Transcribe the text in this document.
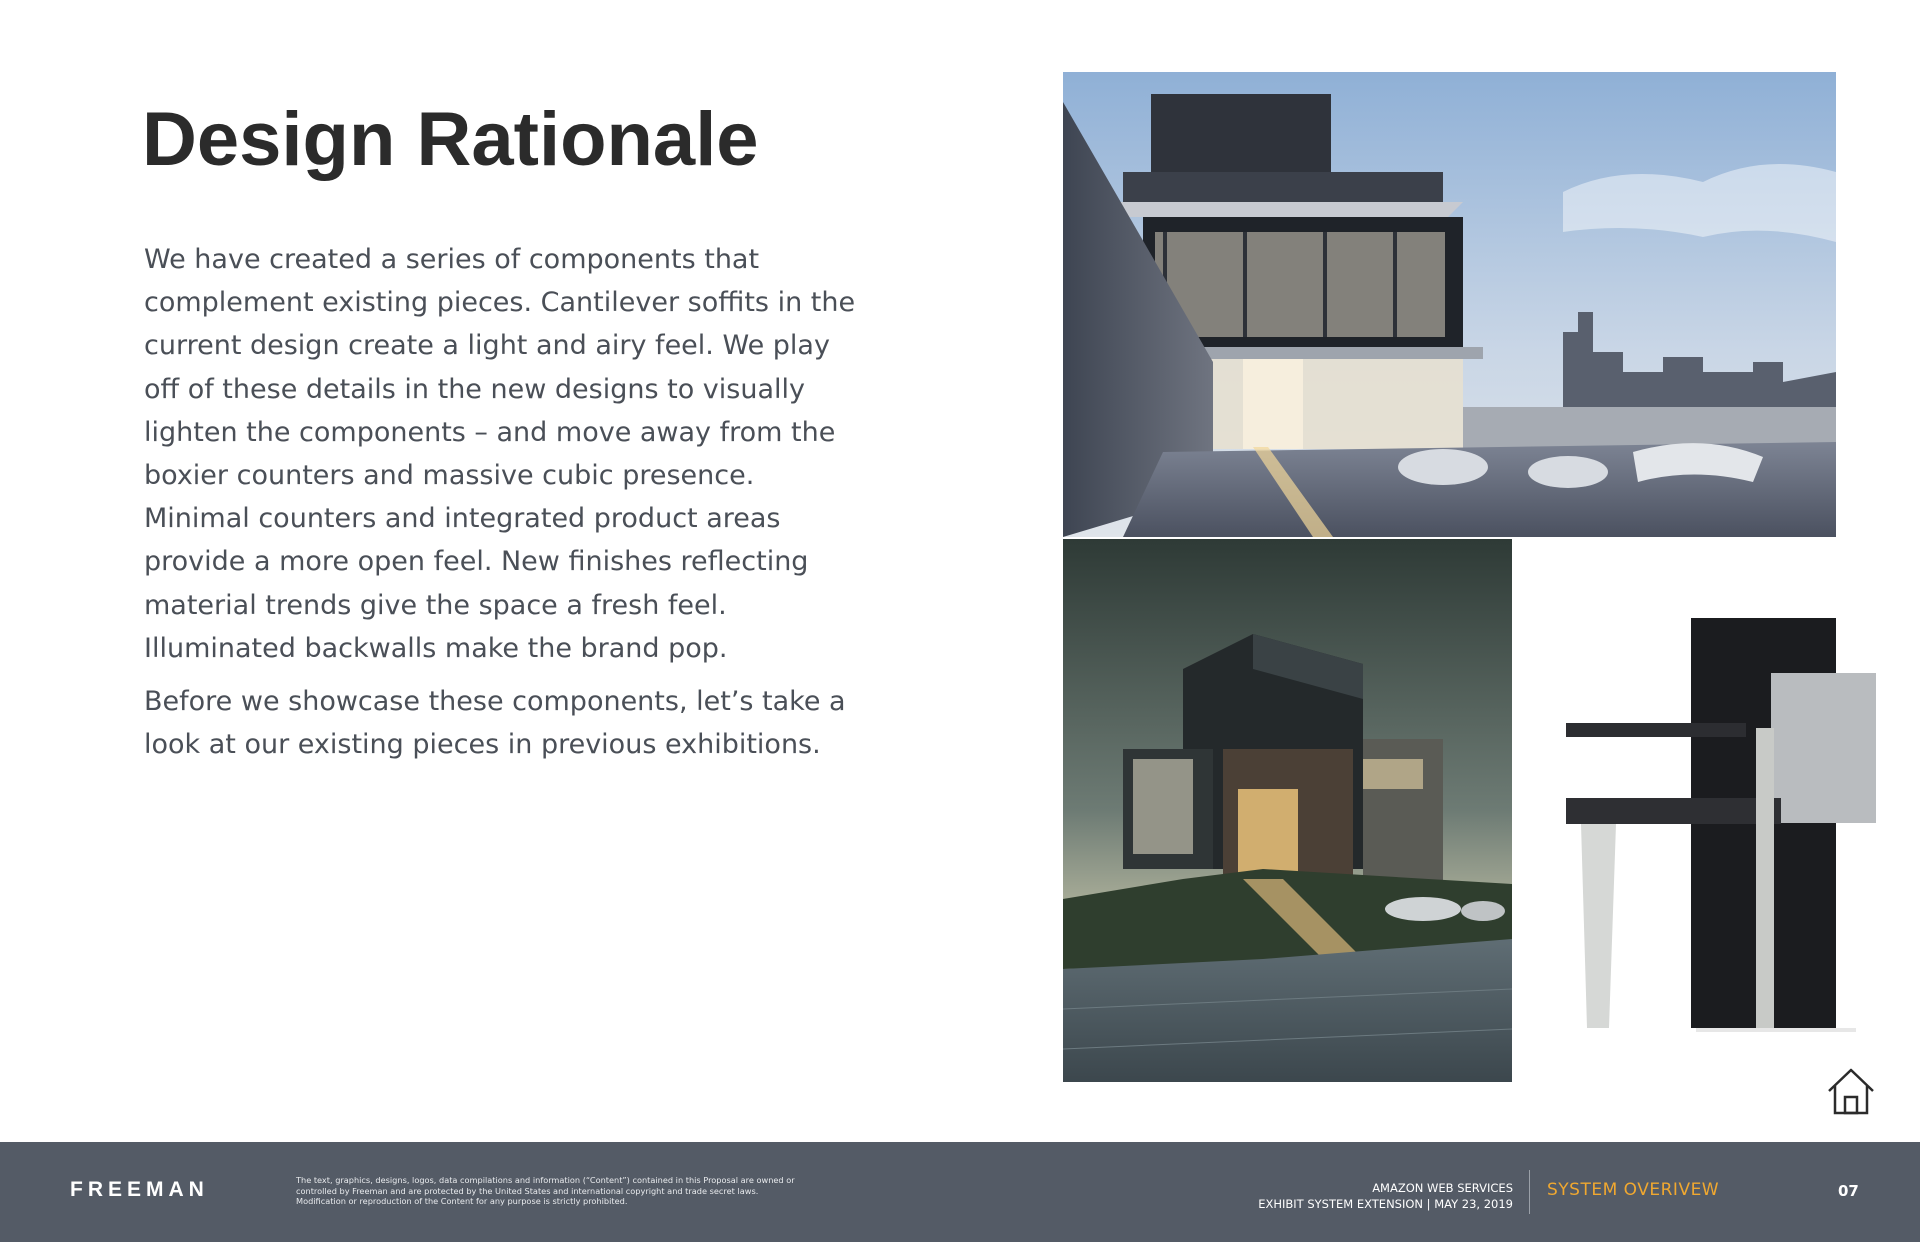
Design Rationale

We have created a series of components that complement existing pieces. Cantilever soffits in the current design create a light and airy feel. We play off of these details in the new designs to visually lighten the components – and move away from the boxier counters and massive cubic presence. Minimal counters and integrated product areas provide a more open feel. New finishes reflecting material trends give the space a fresh feel. Illuminated backwalls make the brand pop.

Before we showcase these components, let’s take a look at our existing pieces in previous exhibitions.

FREEMAN	The text, graphics, designs, logos, data compilations and information (“Content”) contained in this Proposal are owned or controlled by Freeman and are protected by the United States and international copyright and trade secret laws. Modification or reproduction of the Content for any purpose is strictly prohibited.
AMAZON WEB SERVICES
EXHIBIT SYSTEM EXTENSION | MAY 23, 2019
SYSTEM OVERIVEW	07
